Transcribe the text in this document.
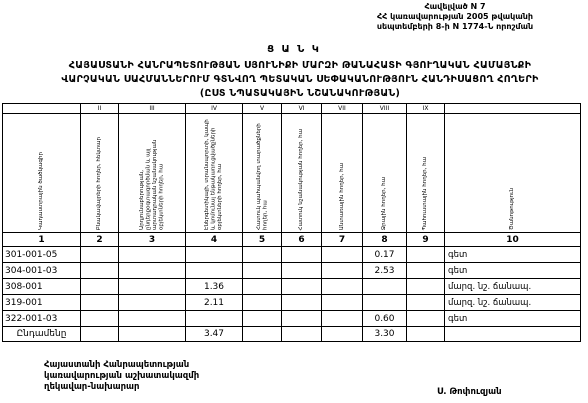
Հավելված N 7
ՀՀ կառավարության 2005 թվականի
սեպտեմբերի 8-ի N 1774-Ն որոշման
Ց Ա Ն Կ
ՀԱՅԱՍՏԱՆԻ ՀԱՆՐԱՊԵՏՈՒԹՅԱՆ ՍՅՈՒՆԻՔԻ ՄԱՐԶԻ ԹԱՆԱՀԱՏԻ ԳՅՈՒՂԱԿԱՆ ՀԱՄԱՅՆՔԻ
ՎԱՐՉԱԿԱՆ ՍԱՀՄԱՆՆԵՐՈՒՄ ԳՏՆՎՈՂ ՊԵՏԱԿԱՆ ՍԵՓԱԿԱՆՈՒԹՅՈՒՆ ՀԱՆԴԻՍԱՑՈՂ ՀՈՂԵՐԻ
(ԸՍՏ ՆՊԱՏԱԿԱՅԻՆ ՆՇԱՆԱԿՈՒԹՅԱՆ)
	II	III	IV	V	VI	VII	VIII	IX	

Կադաստրային ծածկագիր	Բնակավայրերի հողեր, հեկտար	Արդյունաբերության, ընդերքօգտագործման և այլ արտադրական նշանակության օբյեկտների հողեր, հա	Էներգետիկայի, տրանսպորտի, կապի և կոմունալ ենթակառուցվածքների օբյեկտների հողեր, հա	Հատուկ պահպանվող տարածքների հողեր, հա	Հատուկ նշանակության հողեր, հա	Անտառային հողեր, հա	Ջրային հողեր, հա	Պահուստային հողեր, հա	Ծանոթություն

1	2	3	4	5	6	7	8	9	10
301-001-05							0.17		գետ
304-001-03							2.53		գետ
308-001			1.36						մարզ. նշ. ճանապ.
319-001			2.11						մարզ. նշ. ճանապ.
322-001-03							0.60		գետ
Ընդամենը			3.47				3.30		
Հայաստանի Հանրապետության
կառավարության աշխատակազմի
ղեկավար-նախարար	Ս. Թոփուզյան
